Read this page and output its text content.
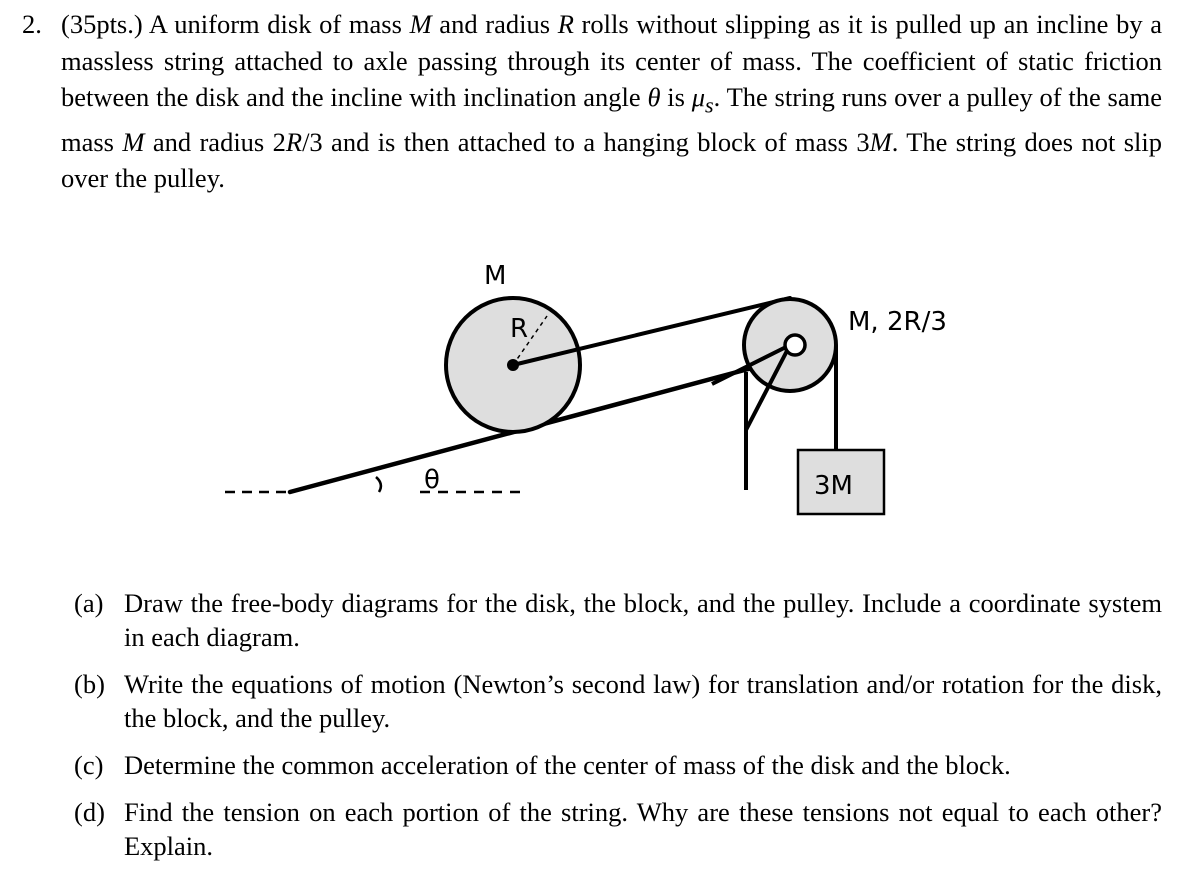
2. (35pts.) A uniform disk of mass M and radius R rolls without slipping as it is pulled up an incline by a massless string attached to axle passing through its center of mass. The coefficient of static friction between the disk and the incline with inclination angle θ is $\mu_s$. The string runs over a pulley of the same mass M and radius 2R/3 and is then attached to a hanging block of mass 3M. The string does not slip over the pulley.
M
R	M, 2R/3
3M
θ
(a) Draw the free-body diagrams for the disk, the block, and the pulley. Include a coordinate system in each diagram.
(b) Write the equations of motion (Newton’s second law) for translation and/or rotation for the disk, the block, and the pulley.
(c) Determine the common acceleration of the center of mass of the disk and the block.
(d) Find the tension on each portion of the string. Why are these tensions not equal to each other? Explain.
